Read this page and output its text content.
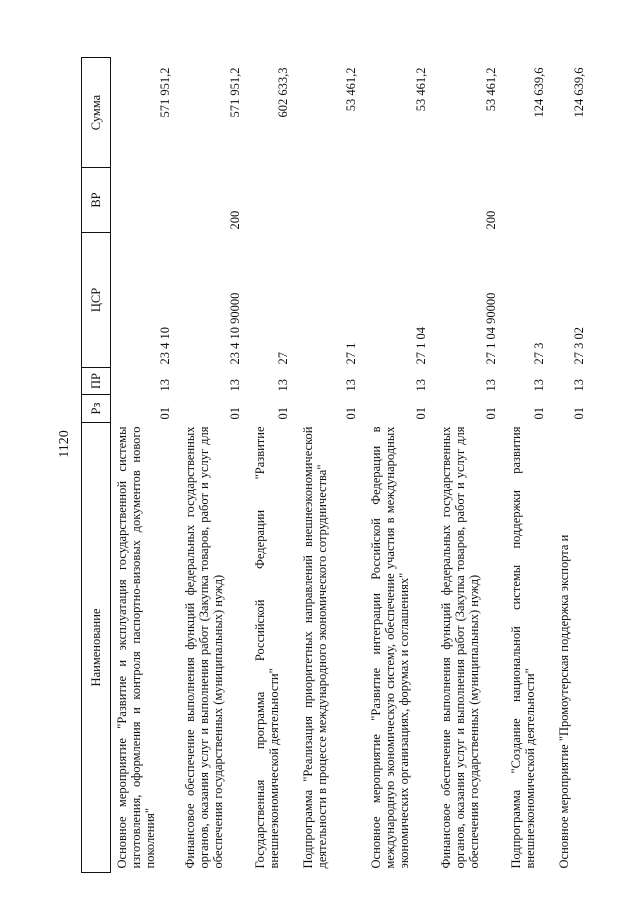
1120
Наименование	Рз	ПР	ЦСР	ВР	Сумма
Основное мероприятие "Развитие и эксплуатация государственной системы изготовления, оформления и контроля паспортно-визовых документов нового поколения"	01	13	23 4 10		571 951,2
Финансовое обеспечение выполнения функций федеральных государственных органов, оказания услуг и выполнения работ (Закупка товаров, работ и услуг для обеспечения государственных (муниципальных) нужд)	01	13	23 4 10 90000	200	571 951,2
Государственная программа Российской Федерации "Развитие внешнеэкономической деятельности"	01	13	27		602 633,3
Подпрограмма "Реализация приоритетных направлений внешнеэкономической деятельности в процессе международного экономического сотрудничества"	01	13	27 1		53 461,2
Основное мероприятие "Развитие интеграции Российской Федерации в международную экономическую систему, обеспечение участия в международных экономических организациях, форумах и соглашениях"	01	13	27 1 04		53 461,2
Финансовое обеспечение выполнения функций федеральных государственных органов, оказания услуг и выполнения работ (Закупка товаров, работ и услуг для обеспечения государственных (муниципальных) нужд)	01	13	27 1 04 90000	200	53 461,2
Подпрограмма "Создание национальной системы поддержки развития внешнеэкономической деятельности"	01	13	27 3		124 639,6
Основное мероприятие "Промоутерская поддержка экспорта и	01	13	27 3 02		124 639,6
